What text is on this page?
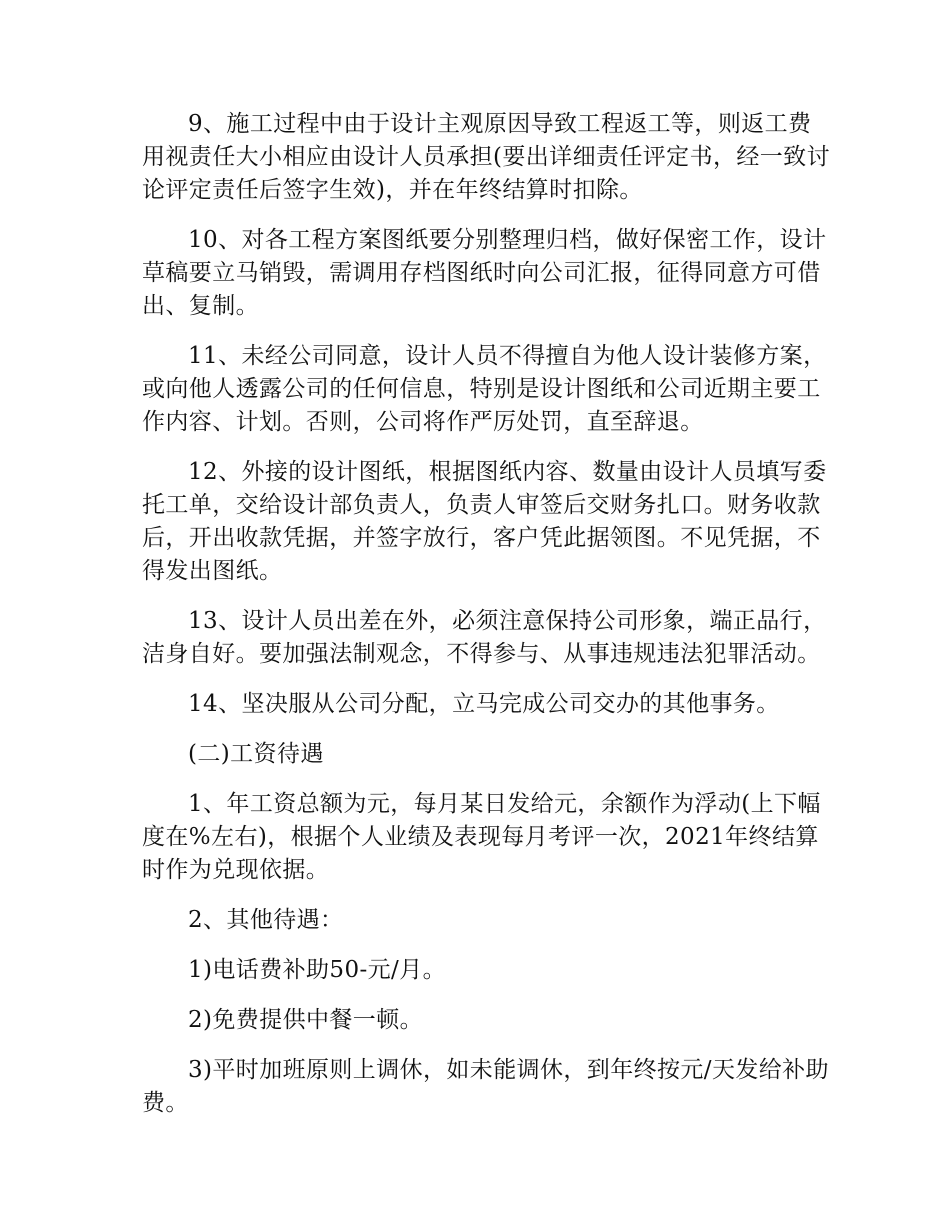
9、施工过程中由于设计主观原因导致工程返工等，则返工费用视责任大小相应由设计人员承担(要出详细责任评定书，经一致讨论评定责任后签字生效)，并在年终结算时扣除。

10、对各工程方案图纸要分别整理归档，做好保密工作，设计草稿要立马销毁，需调用存档图纸时向公司汇报，征得同意方可借出、复制。

11、未经公司同意，设计人员不得擅自为他人设计装修方案，或向他人透露公司的任何信息，特别是设计图纸和公司近期主要工作内容、计划。否则，公司将作严厉处罚，直至辞退。

12、外接的设计图纸，根据图纸内容、数量由设计人员填写委托工单，交给设计部负责人，负责人审签后交财务扎口。财务收款后，开出收款凭据，并签字放行，客户凭此据领图。不见凭据，不得发出图纸。

13、设计人员出差在外，必须注意保持公司形象，端正品行，洁身自好。要加强法制观念，不得参与、从事违规违法犯罪活动。

14、坚决服从公司分配，立马完成公司交办的其他事务。

(二)工资待遇

1、年工资总额为元，每月某日发给元，余额作为浮动(上下幅度在%左右)，根据个人业绩及表现每月考评一次，2021年终结算时作为兑现依据。

2、其他待遇：

1)电话费补助50-元/月。

2)免费提供中餐一顿。

3)平时加班原则上调休，如未能调休，到年终按元/天发给补助费。
